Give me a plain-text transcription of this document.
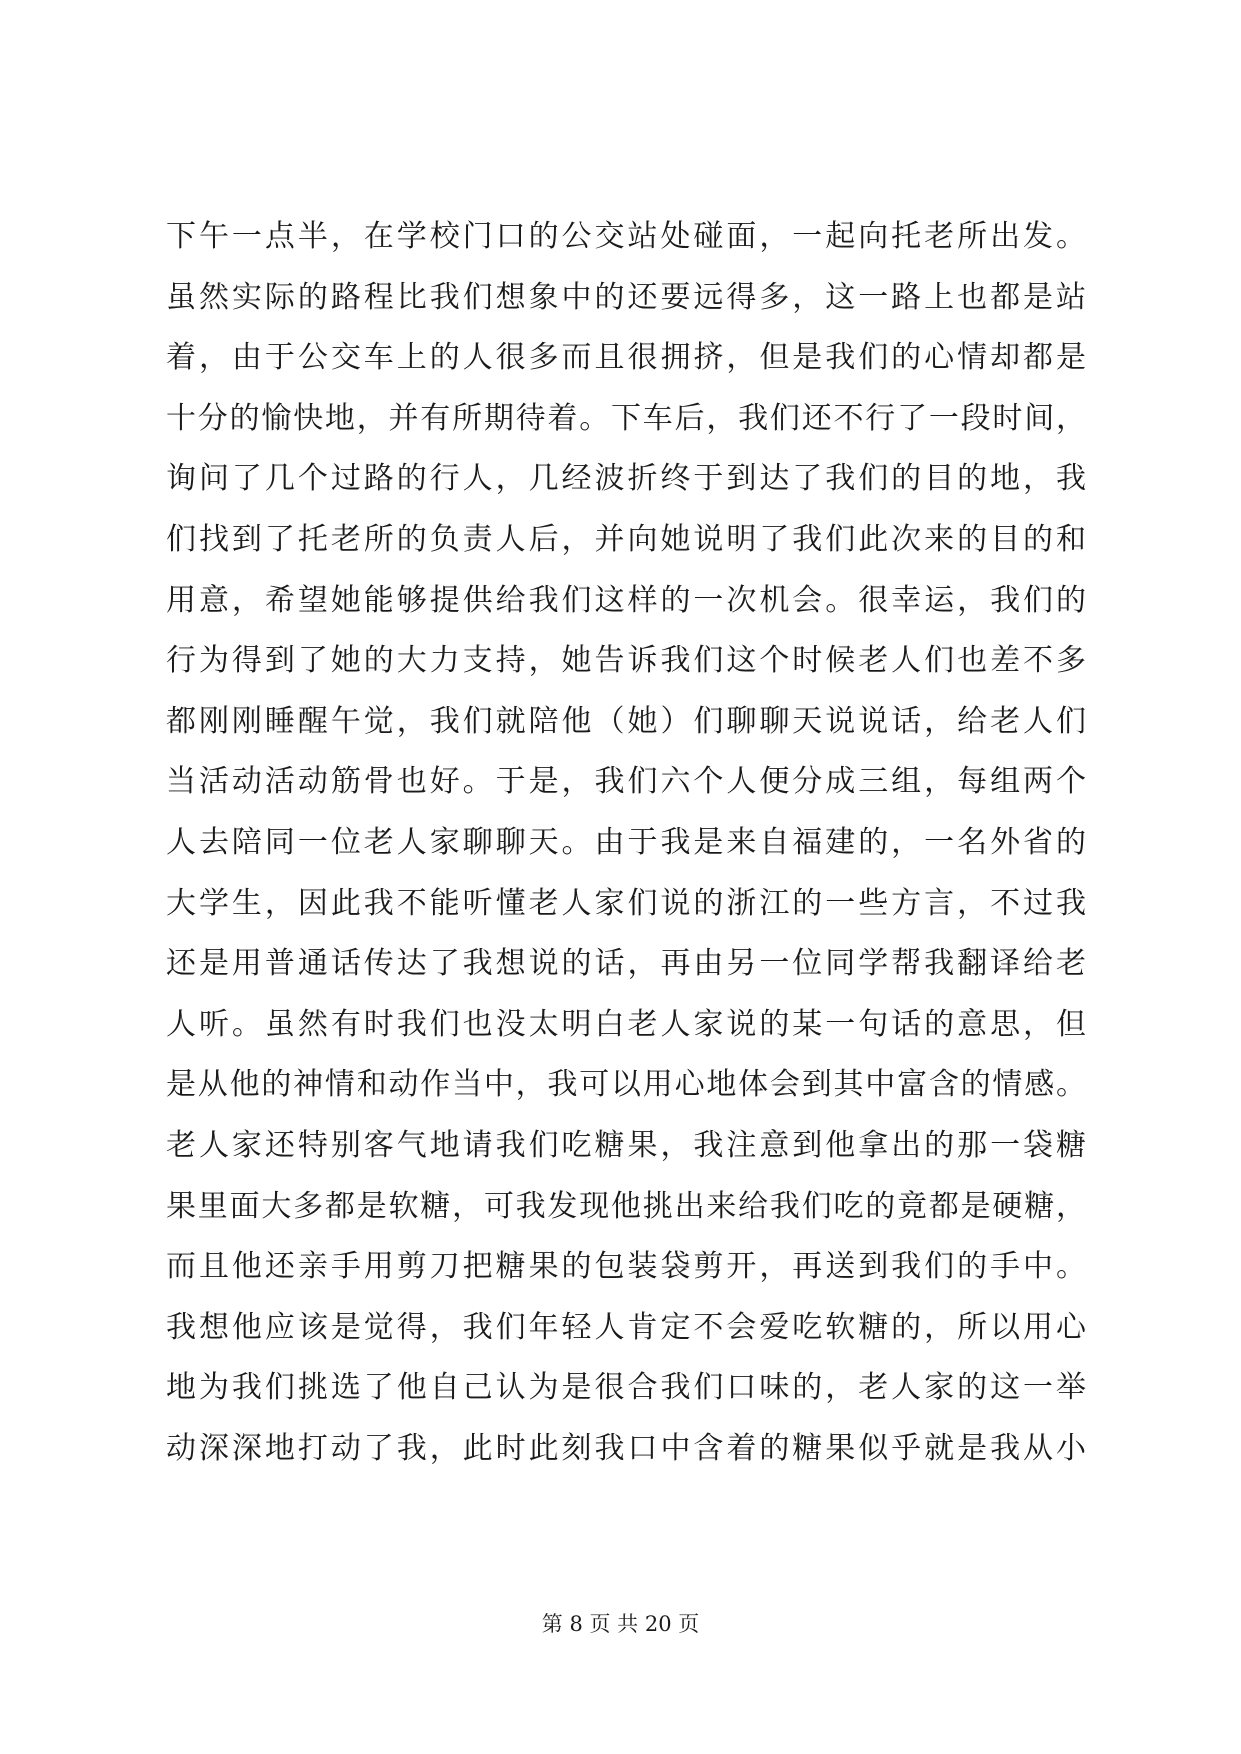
下午一点半，在学校门口的公交站处碰面，一起向托老所出发。
虽然实际的路程比我们想象中的还要远得多，这一路上也都是站
着，由于公交车上的人很多而且很拥挤，但是我们的心情却都是
十分的愉快地，并有所期待着。下车后，我们还不行了一段时间，
询问了几个过路的行人，几经波折终于到达了我们的目的地，我
们找到了托老所的负责人后，并向她说明了我们此次来的目的和
用意，希望她能够提供给我们这样的一次机会。很幸运，我们的
行为得到了她的大力支持，她告诉我们这个时候老人们也差不多
都刚刚睡醒午觉，我们就陪他（她）们聊聊天说说话，给老人们
当活动活动筋骨也好。于是，我们六个人便分成三组，每组两个
人去陪同一位老人家聊聊天。由于我是来自福建的，一名外省的
大学生，因此我不能听懂老人家们说的浙江的一些方言，不过我
还是用普通话传达了我想说的话，再由另一位同学帮我翻译给老
人听。虽然有时我们也没太明白老人家说的某一句话的意思，但
是从他的神情和动作当中，我可以用心地体会到其中富含的情感。
老人家还特别客气地请我们吃糖果，我注意到他拿出的那一袋糖
果里面大多都是软糖，可我发现他挑出来给我们吃的竟都是硬糖，
而且他还亲手用剪刀把糖果的包装袋剪开，再送到我们的手中。
我想他应该是觉得，我们年轻人肯定不会爱吃软糖的，所以用心
地为我们挑选了他自己认为是很合我们口味的，老人家的这一举
动深深地打动了我，此时此刻我口中含着的糖果似乎就是我从小
第 8 页 共 20 页
